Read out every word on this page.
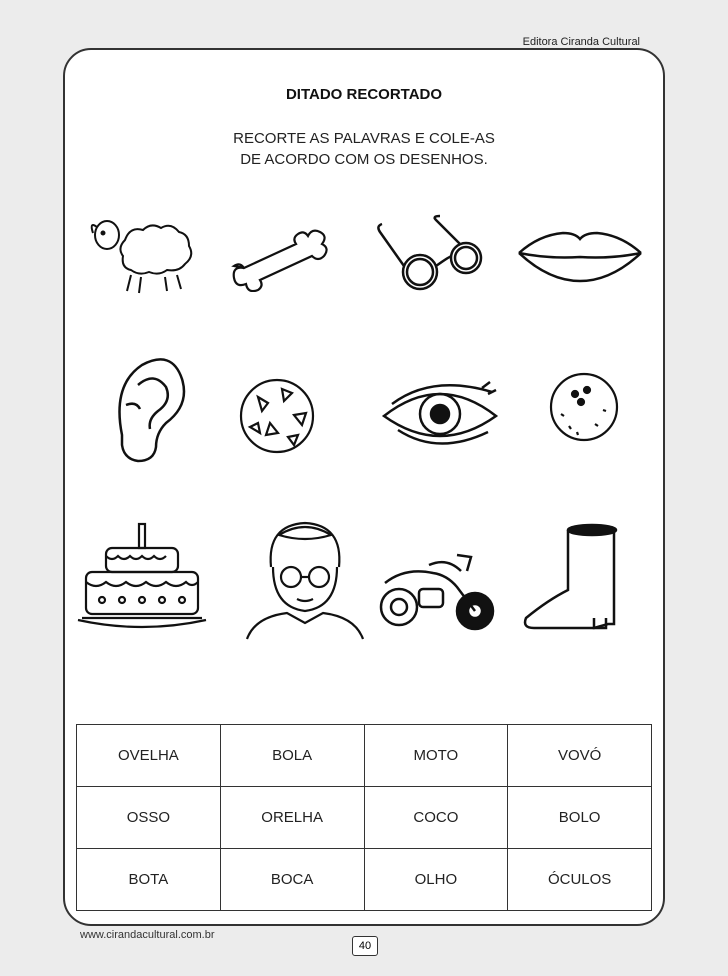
Editora Ciranda Cultural
DITADO RECORTADO
RECORTE AS PALAVRAS E COLE-AS
DE ACORDO COM OS DESENHOS.
OVELHA	BOLA	MOTO	VOVÓ
OSSO	ORELHA	COCO	BOLO
BOTA	BOCA	OLHO	ÓCULOS
www.cirandacultural.com.br
40
